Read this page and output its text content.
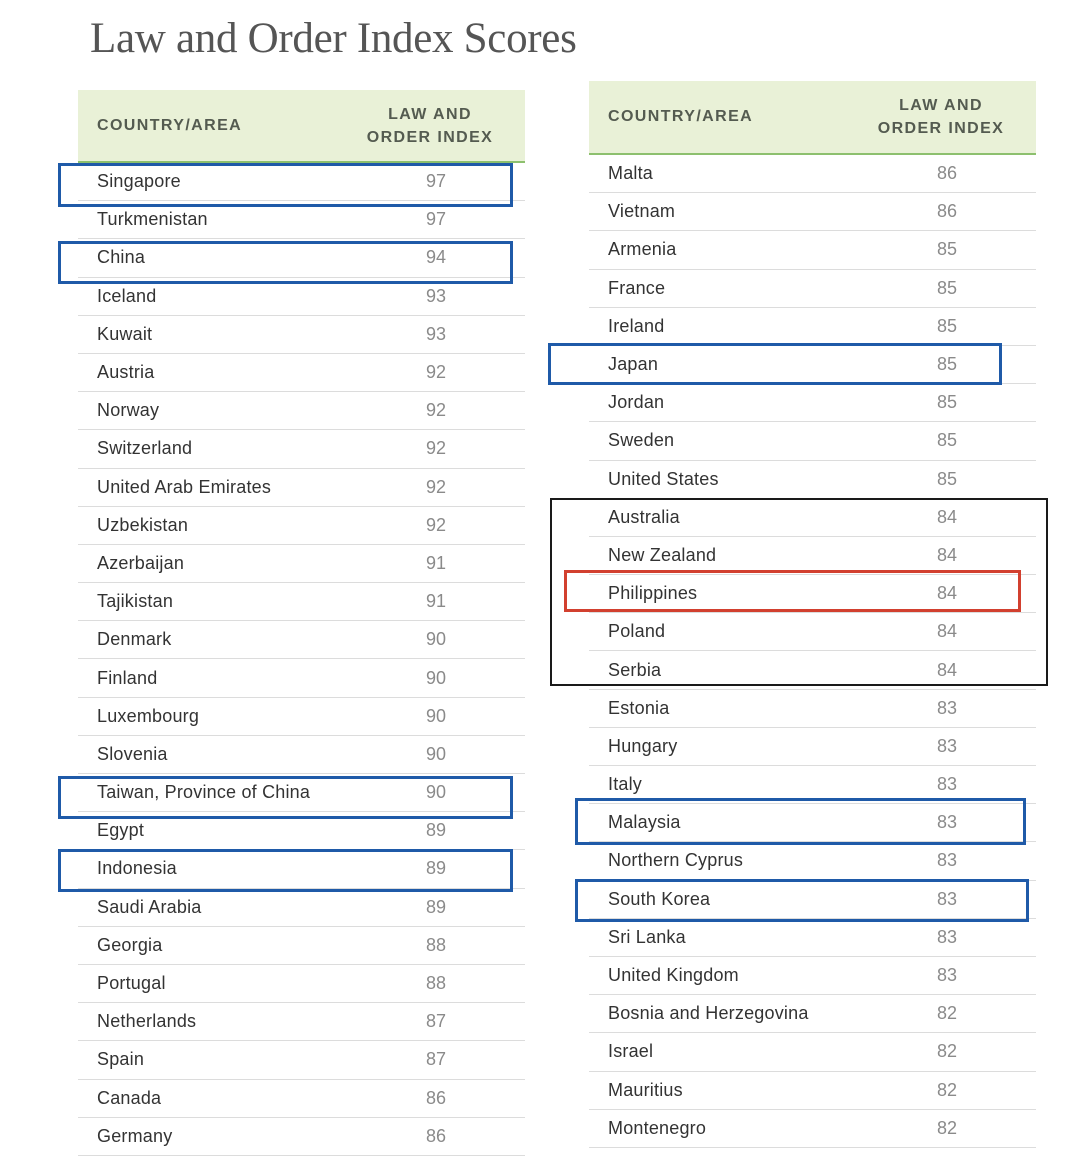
Law and Order Index Scores
COUNTRY/AREA
LAW AND
ORDER INDEX
Singapore	97
Turkmenistan	97
China	94
Iceland	93
Kuwait	93
Austria	92
Norway	92
Switzerland	92
United Arab Emirates	92
Uzbekistan	92
Azerbaijan	91
Tajikistan	91
Denmark	90
Finland	90
Luxembourg	90
Slovenia	90
Taiwan, Province of China	90
Egypt	89
Indonesia	89
Saudi Arabia	89
Georgia	88
Portugal	88
Netherlands	87
Spain	87
Canada	86
Germany	86
COUNTRY/AREA
LAW AND
ORDER INDEX
Malta	86
Vietnam	86
Armenia	85
France	85
Ireland	85
Japan	85
Jordan	85
Sweden	85
United States	85
Australia	84
New Zealand	84
Philippines	84
Poland	84
Serbia	84
Estonia	83
Hungary	83
Italy	83
Malaysia	83
Northern Cyprus	83
South Korea	83
Sri Lanka	83
United Kingdom	83
Bosnia and Herzegovina	82
Israel	82
Mauritius	82
Montenegro	82
